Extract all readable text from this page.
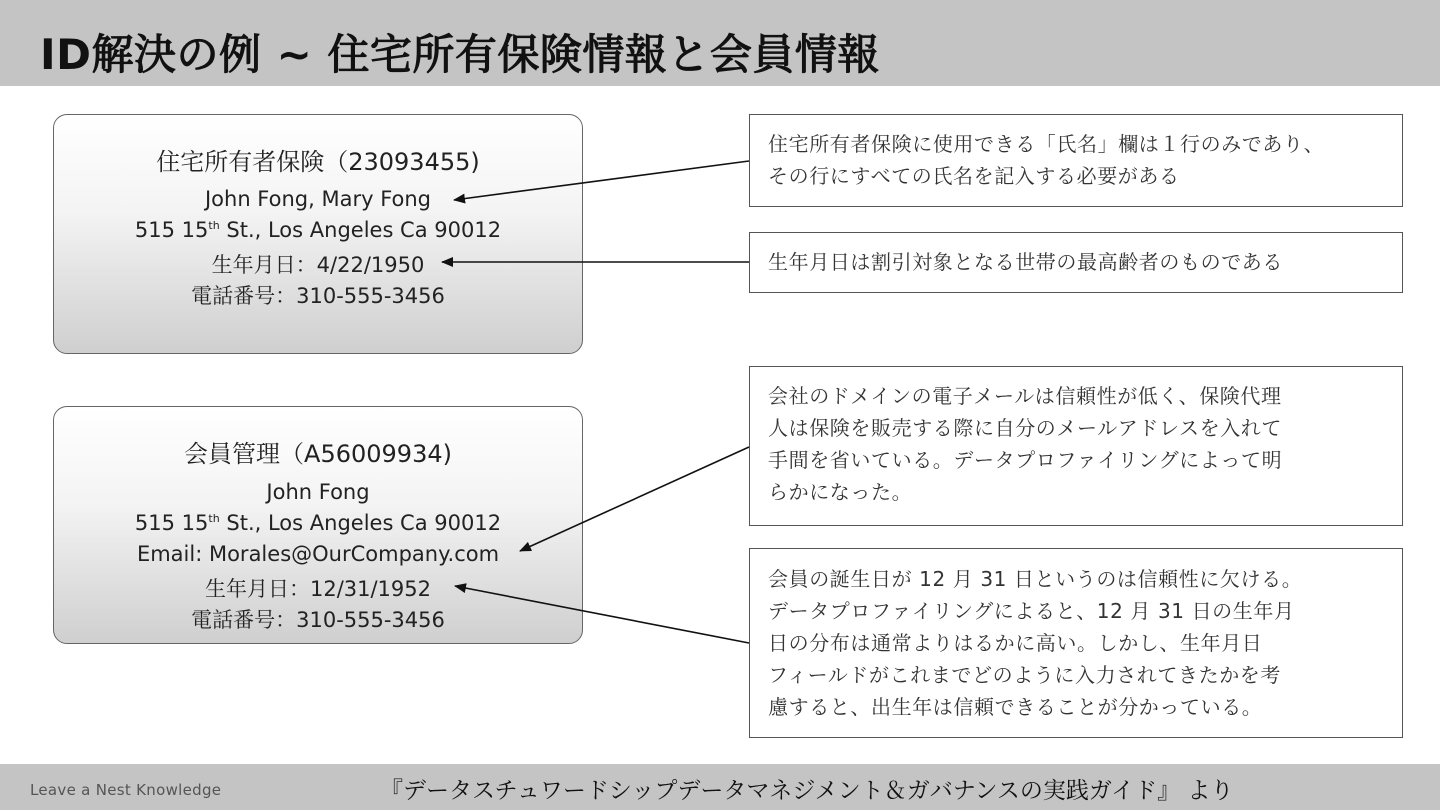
ID解決の例 ~ 住宅所有保険情報と会員情報
住宅所有者保険（23093455)
John Fong, Mary Fong
515 15th St., Los Angeles Ca 90012
生年月日：4/22/1950
電話番号：310-555-3456
会員管理（A56009934)
John Fong
515 15th St., Los Angeles Ca 90012
Email: Morales@OurCompany.com
生年月日：12/31/1952
電話番号：310-555-3456
住宅所有者保険に使用できる「氏名」欄は１行のみであり、
その行にすべての氏名を記入する必要がある
生年月日は割引対象となる世帯の最高齢者のものである
会社のドメインの電子メールは信頼性が低く、保険代理
人は保険を販売する際に自分のメールアドレスを入れて
手間を省いている。データプロファイリングによって明
らかになった。
会員の誕生日が 12 月 31 日というのは信頼性に欠ける。
データプロファイリングによると、12 月 31 日の生年月
日の分布は通常よりはるかに高い。しかし、生年月日
フィールドがこれまでどのように入力されてきたかを考
慮すると、出生年は信頼できることが分かっている。
Leave a Nest Knowledge	『データスチュワードシップデータマネジメント＆ガバナンスの実践ガイド』 より
